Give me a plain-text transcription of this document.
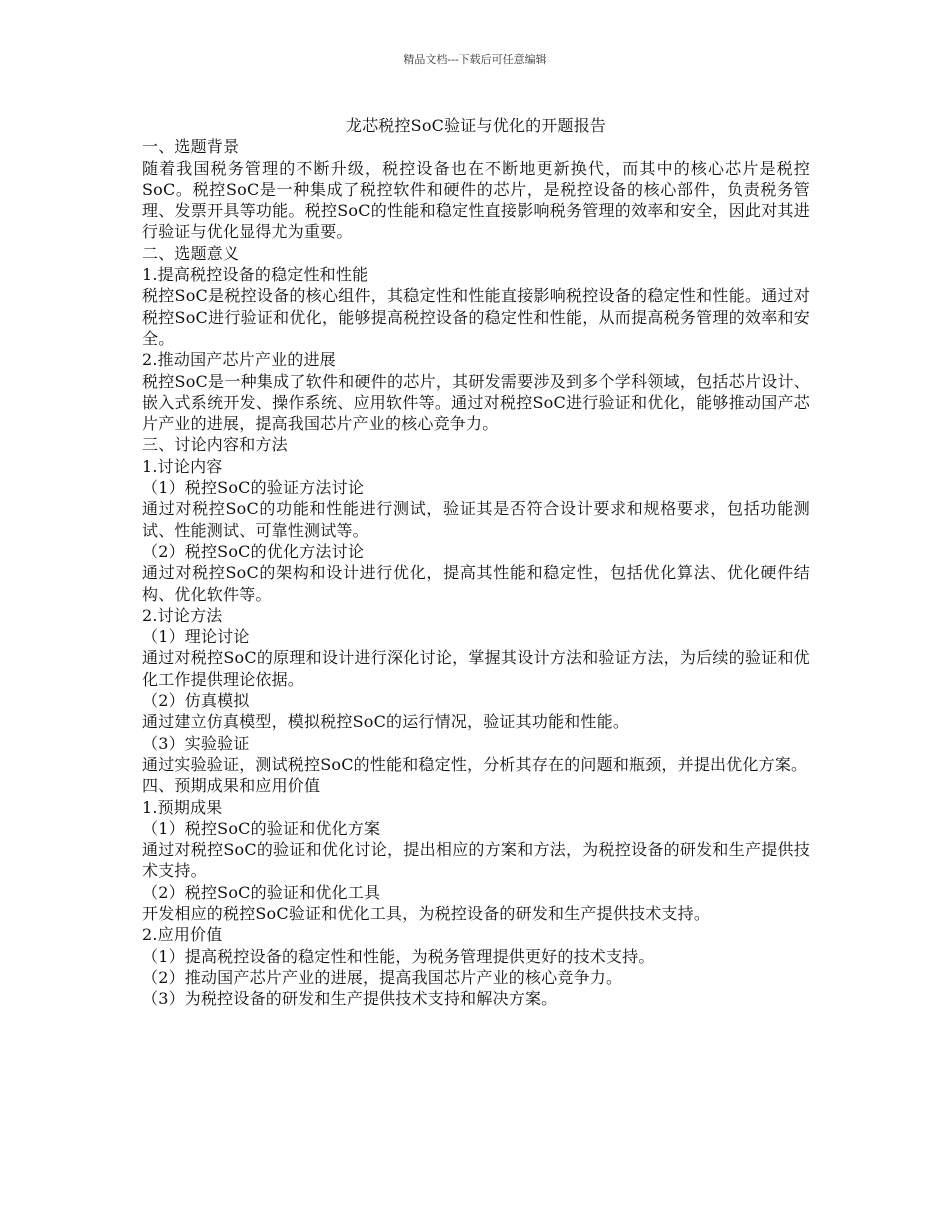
精品文档---下载后可任意编辑

龙芯税控SoC验证与优化的开题报告

一、选题背景

随着我国税务管理的不断升级，税控设备也在不断地更新换代，而其中的核心芯片是税控SoC。税控SoC是一种集成了税控软件和硬件的芯片，是税控设备的核心部件，负责税务管理、发票开具等功能。税控SoC的性能和稳定性直接影响税务管理的效率和安全，因此对其进行验证与优化显得尤为重要。

二、选题意义

1.提高税控设备的稳定性和性能

税控SoC是税控设备的核心组件，其稳定性和性能直接影响税控设备的稳定性和性能。通过对税控SoC进行验证和优化，能够提高税控设备的稳定性和性能，从而提高税务管理的效率和安全。

2.推动国产芯片产业的进展

税控SoC是一种集成了软件和硬件的芯片，其研发需要涉及到多个学科领域，包括芯片设计、嵌入式系统开发、操作系统、应用软件等。通过对税控SoC进行验证和优化，能够推动国产芯片产业的进展，提高我国芯片产业的核心竞争力。

三、讨论内容和方法

1.讨论内容

（1）税控SoC的验证方法讨论

通过对税控SoC的功能和性能进行测试，验证其是否符合设计要求和规格要求，包括功能测试、性能测试、可靠性测试等。

（2）税控SoC的优化方法讨论

通过对税控SoC的架构和设计进行优化，提高其性能和稳定性，包括优化算法、优化硬件结构、优化软件等。

2.讨论方法

（1）理论讨论

通过对税控SoC的原理和设计进行深化讨论，掌握其设计方法和验证方法，为后续的验证和优化工作提供理论依据。

（2）仿真模拟

通过建立仿真模型，模拟税控SoC的运行情况，验证其功能和性能。

（3）实验验证

通过实验验证，测试税控SoC的性能和稳定性，分析其存在的问题和瓶颈，并提出优化方案。

四、预期成果和应用价值

1.预期成果

（1）税控SoC的验证和优化方案

通过对税控SoC的验证和优化讨论，提出相应的方案和方法，为税控设备的研发和生产提供技术支持。

（2）税控SoC的验证和优化工具

开发相应的税控SoC验证和优化工具，为税控设备的研发和生产提供技术支持。

2.应用价值

（1）提高税控设备的稳定性和性能，为税务管理提供更好的技术支持。

（2）推动国产芯片产业的进展，提高我国芯片产业的核心竞争力。

（3）为税控设备的研发和生产提供技术支持和解决方案。
